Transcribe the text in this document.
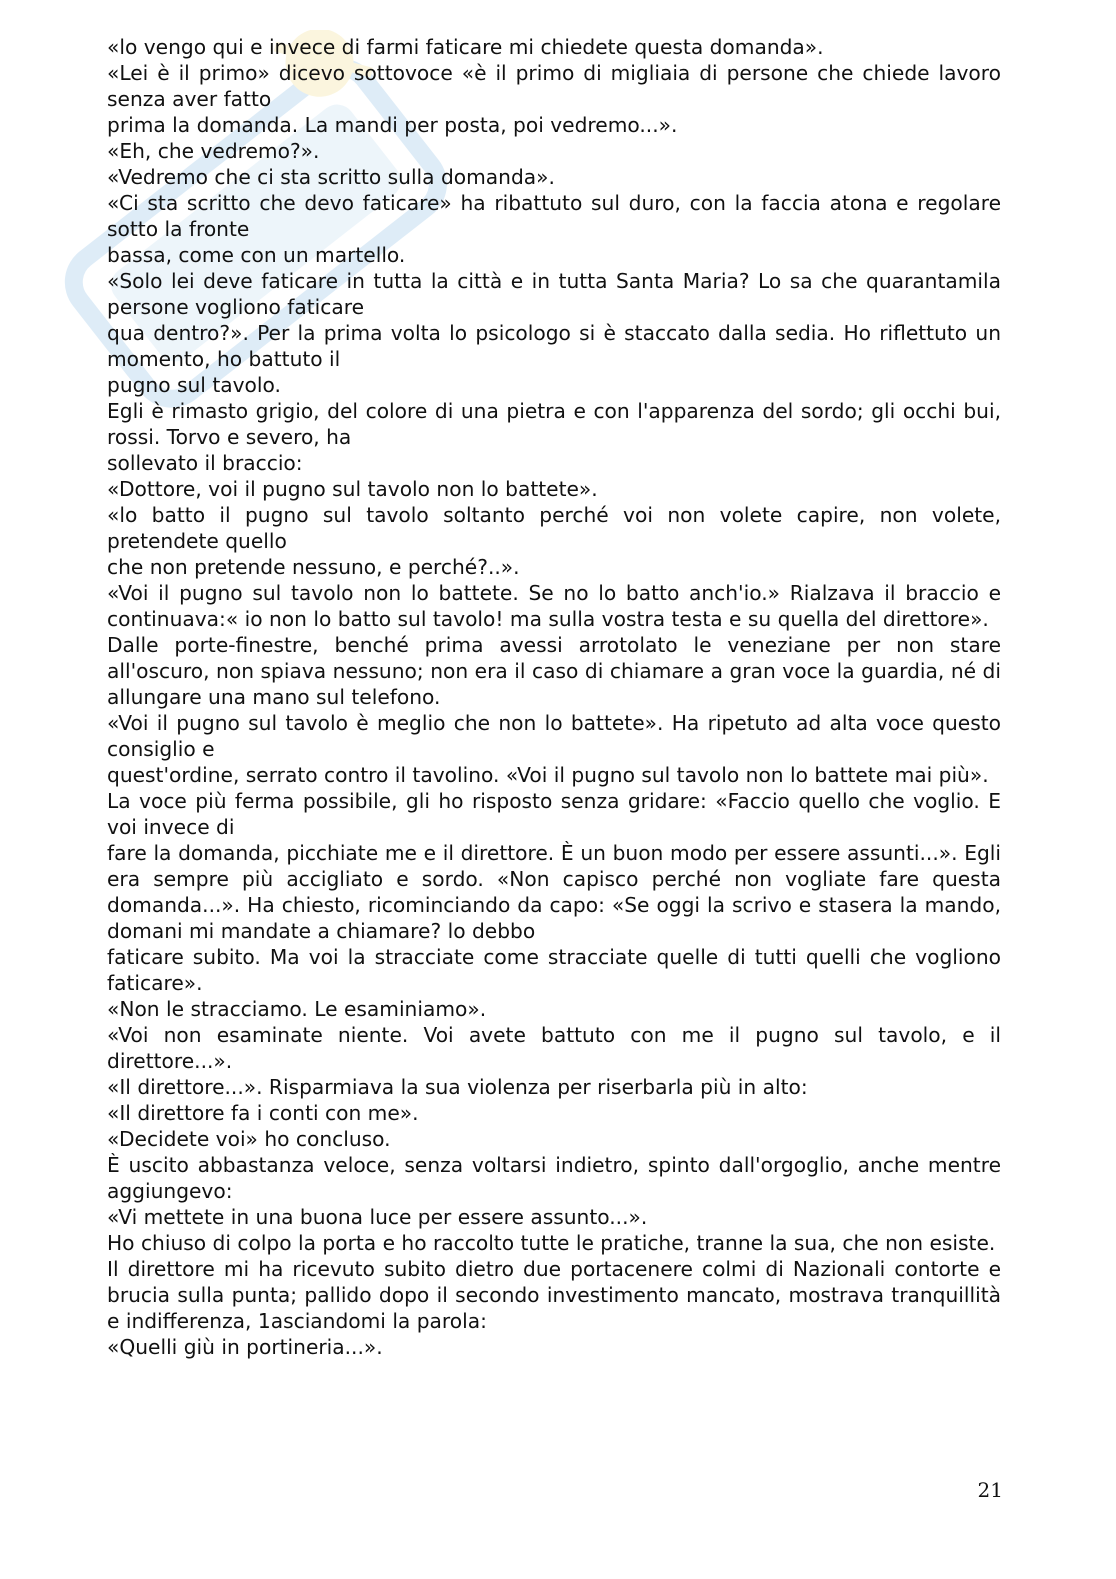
«lo vengo qui e invece di farmi faticare mi chiedete questa domanda».

«Lei è il primo» dicevo sottovoce «è il primo di migliaia di persone che chiede lavoro senza aver fatto

prima la domanda. La mandi per posta, poi vedremo...».

«Eh, che vedremo?».

«Vedremo che ci sta scritto sulla domanda».

«Ci sta scritto che devo faticare» ha ribattuto sul duro, con la faccia atona e regolare sotto la fronte

bassa, come con un martello.

«Solo lei deve faticare in tutta la città e in tutta Santa Maria? Lo sa che quarantamila persone vogliono faticare

qua dentro?». Per la prima volta lo psicologo si è staccato dalla sedia. Ho riflettuto un momento, ho battuto il

pugno sul tavolo.

Egli è rimasto grigio, del colore di una pietra e con l'apparenza del sordo; gli occhi bui, rossi. Torvo e severo, ha

sollevato il braccio:

«Dottore, voi il pugno sul tavolo non lo battete».

«lo batto il pugno sul tavolo soltanto perché voi non volete capire, non volete, pretendete quello

che non pretende nessuno, e perché?..».

«Voi il pugno sul tavolo non lo battete. Se no lo batto anch'io.» Rialzava il braccio e continuava:« io non lo batto sul tavolo! ma sulla vostra testa e su quella del direttore».

Dalle porte-finestre, benché prima avessi arrotolato le veneziane per non stare all'oscuro, non spiava nessuno; non era il caso di chiamare a gran voce la guardia, né di allungare una mano sul telefono.

«Voi il pugno sul tavolo è meglio che non lo battete». Ha ripetuto ad alta voce questo consiglio e

quest'ordine, serrato contro il tavolino. «Voi il pugno sul tavolo non lo battete mai più».

La voce più ferma possibile, gli ho risposto senza gridare: «Faccio quello che voglio. E voi invece di

fare la domanda, picchiate me e il direttore. È un buon modo per essere assunti...». Egli era sempre più accigliato e sordo. «Non capisco perché non vogliate fare questa domanda...». Ha chiesto, ricominciando da capo: «Se oggi la scrivo e stasera la mando, domani mi mandate a chiamare? lo debbo

faticare subito. Ma voi la stracciate come stracciate quelle di tutti quelli che vogliono faticare».

«Non le stracciamo. Le esaminiamo».

«Voi non esaminate niente. Voi avete battuto con me il pugno sul tavolo, e il direttore...».

«Il direttore...». Risparmiava la sua violenza per riserbarla più in alto:

«Il direttore fa i conti con me».

«Decidete voi» ho concluso.

È uscito abbastanza veloce, senza voltarsi indietro, spinto dall'orgoglio, anche mentre aggiungevo:

«Vi mettete in una buona luce per essere assunto...».

Ho chiuso di colpo la porta e ho raccolto tutte le pratiche, tranne la sua, che non esiste.

Il direttore mi ha ricevuto subito dietro due portacenere colmi di Nazionali contorte e brucia sulla punta; pallido dopo il secondo investimento mancato, mostrava tranquillità e indifferenza, 1asciandomi la parola:

«Quelli giù in portineria...».

21
